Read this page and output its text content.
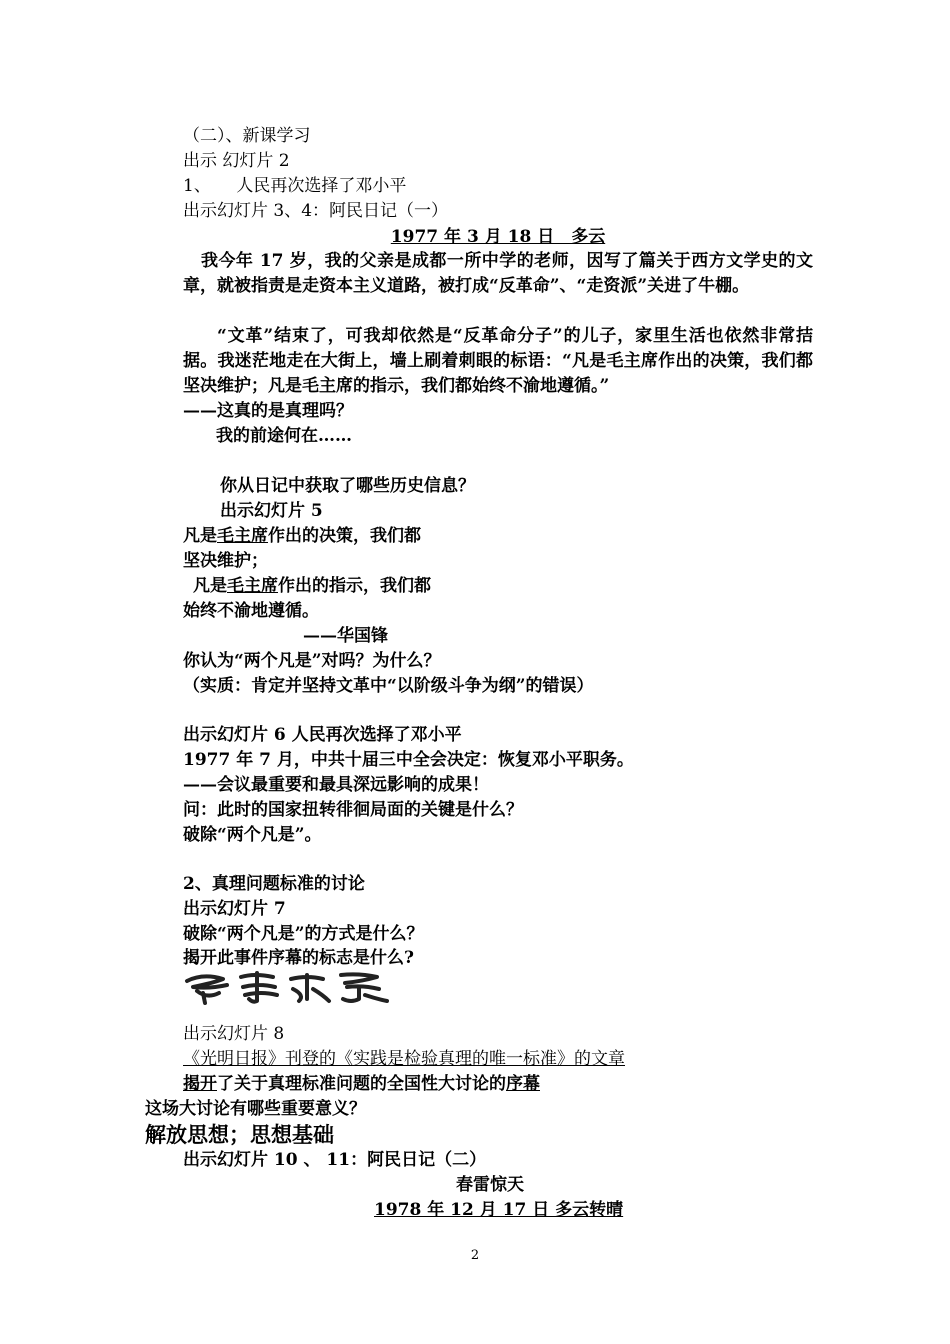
（二）、新课学习
出示 幻灯片 2
1、　　人民再次选择了邓小平
出示幻灯片 3、4：阿民日记（一）
1977 年 3 月 18 日　多云
我今年 17 岁，我的父亲是成都一所中学的老师，因写了篇关于西方文学史的文章，就被指责是走资本主义道路，被打成“反革命”、“走资派”关进了牛棚。
“文革”结束了，可我却依然是“反革命分子”的儿子，家里生活也依然非常拮据。我迷茫地走在大街上，墙上刷着刺眼的标语：“凡是毛主席作出的决策，我们都坚决维护；凡是毛主席的指示，我们都始终不渝地遵循。”
——这真的是真理吗？
我的前途何在……
你从日记中获取了哪些历史信息？
出示幻灯片 5
凡是毛主席作出的决策，我们都
坚决维护；
凡是毛主席作出的指示，我们都
始终不渝地遵循。
——华国锋
你认为“两个凡是”对吗？为什么？
（实质：肯定并坚持文革中“以阶级斗争为纲”的错误）
出示幻灯片 6 人民再次选择了邓小平
1977 年 7 月，中共十届三中全会决定：恢复邓小平职务。
——会议最重要和最具深远影响的成果！
问：此时的国家扭转徘徊局面的关键是什么？
破除“两个凡是”。
2、真理问题标准的讨论
出示幻灯片 7
破除“两个凡是”的方式是什么？
揭开此事件序幕的标志是什么?
出示幻灯片 8
《光明日报》刊登的《实践是检验真理的唯一标准》的文章
揭开了关于真理标准问题的全国性大讨论的序幕
这场大讨论有哪些重要意义？
解放思想；思想基础
出示幻灯片 10 、 11：阿民日记（二）
春雷惊天
1978 年 12 月 17 日 多云转晴
2
